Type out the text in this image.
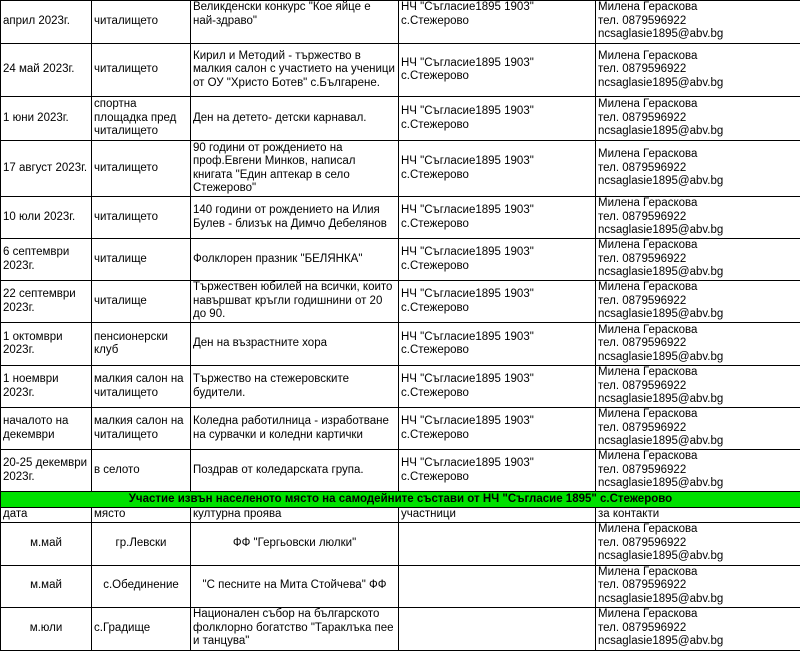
април 2023г.	читалището	Великденски конкурс "Кое яйце е най-здраво"	НЧ "Съгласие1895 1903"
с.Стежерово	Милена Гераскова
тел. 0879596922
ncsaglasie1895@abv.bg
24 май 2023г.	читалището	Кирил и Методий - тържество в малкия салон с участието на ученици от ОУ "Христо Ботев" с.Българене.	НЧ "Съгласие1895 1903"
с.Стежерово	Милена Гераскова
тел. 0879596922
ncsaglasie1895@abv.bg
1 юни 2023г.	спортна площадка пред читалището	Ден на детето- детски карнавал.	НЧ "Съгласие1895 1903"
с.Стежерово	Милена Гераскова
тел. 0879596922
ncsaglasie1895@abv.bg
17 август 2023г.	читалището	90 години от рождението на проф.Евгени Минков, написал книгата "Един аптекар в село Стежерово"	НЧ "Съгласие1895 1903"
с.Стежерово	Милена Гераскова
тел. 0879596922
ncsaglasie1895@abv.bg
10 юли 2023г.	читалището	140 години от рождението на Илия Булев - близък на Димчо Дебелянов	НЧ "Съгласие1895 1903"
с.Стежерово	Милена Гераскова
тел. 0879596922
ncsaglasie1895@abv.bg
6 септември 2023г.	читалище	Фолклорен празник "БЕЛЯНКА"	НЧ "Съгласие1895 1903"
с.Стежерово	Милена Гераскова
тел. 0879596922
ncsaglasie1895@abv.bg
22 септември 2023г.	читалище	Тържествен юбилей на всички, които навършват кръгли годишнини от 20 до 90.	НЧ "Съгласие1895 1903"
с.Стежерово	Милена Гераскова
тел. 0879596922
ncsaglasie1895@abv.bg
1 октомври 2023г.	пенсионерски клуб	Ден на възрастните хора	НЧ "Съгласие1895 1903"
с.Стежерово	Милена Гераскова
тел. 0879596922
ncsaglasie1895@abv.bg
1 ноември 2023г.	малкия салон на читалището	Тържество на стежеровските будители.	НЧ "Съгласие1895 1903"
с.Стежерово	Милена Гераскова
тел. 0879596922
ncsaglasie1895@abv.bg
началото на декември	малкия салон на читалището	Коледна работилница - изработване на сурвачки и коледни картички	НЧ "Съгласие1895 1903"
с.Стежерово	Милена Гераскова
тел. 0879596922
ncsaglasie1895@abv.bg
20-25 декември 2023г.	в селото	Поздрав от коледарската група.	НЧ "Съгласие1895 1903"
с.Стежерово	Милена Гераскова
тел. 0879596922
ncsaglasie1895@abv.bg
Участие извън населеното място на самодейните състави от НЧ "Съгласие 1895" с.Стежерово				
дата	място	културна проява	участници	за контакти
м.май	гр.Левски	ФФ "Гергьовски люлки"		Милена Гераскова
тел. 0879596922
ncsaglasie1895@abv.bg
м.май	с.Обединение	"С песните на Мита Стойчева" ФФ		Милена Гераскова
тел. 0879596922
ncsaglasie1895@abv.bg
м.юли	с.Градище	Национален събор на българското фолклорно богатство "Тараклъка пее и танцува"		Милена Гераскова
тел. 0879596922
ncsaglasie1895@abv.bg
